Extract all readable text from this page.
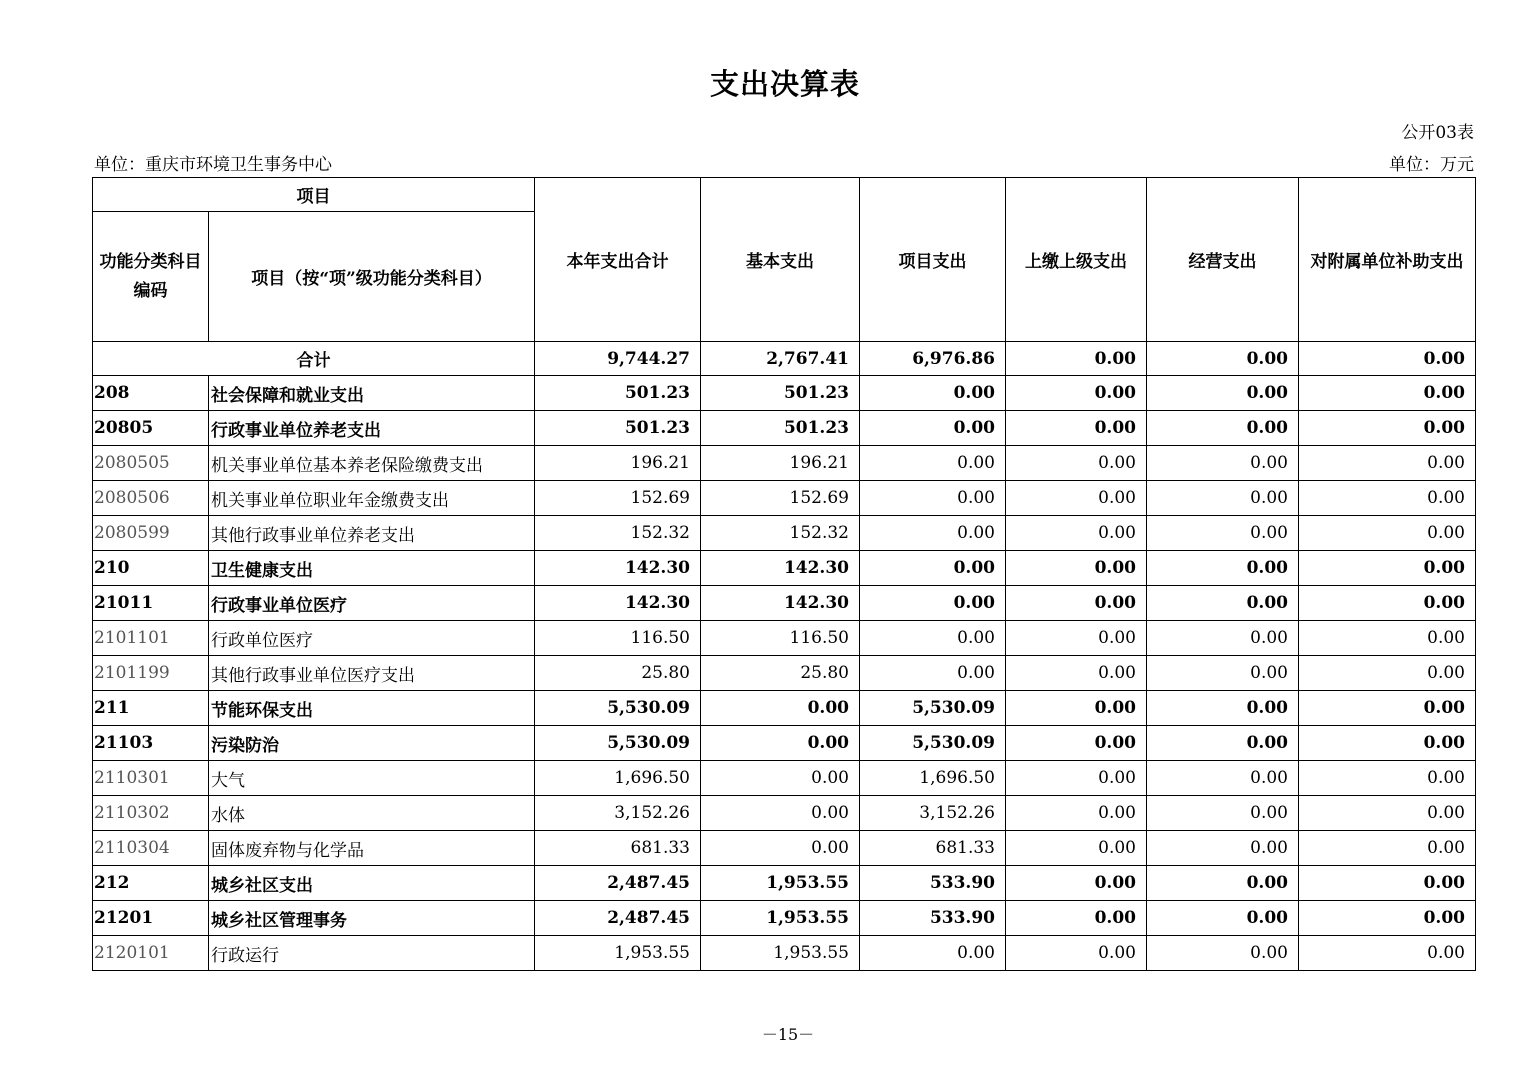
支出决算表
公开03表
单位：重庆市环境卫生事务中心	单位：万元
项目		本年支出合计	基本支出	项目支出	上缴上级支出	经营支出	对附属单位补助支出
功能分类科目编码	项目（按“项”级功能分类科目）						
合计		9,744.27	2,767.41	6,976.86	0.00	0.00	0.00
208	社会保障和就业支出	501.23	501.23	0.00	0.00	0.00	0.00
20805	行政事业单位养老支出	501.23	501.23	0.00	0.00	0.00	0.00
2080505	机关事业单位基本养老保险缴费支出	196.21	196.21	0.00	0.00	0.00	0.00
2080506	机关事业单位职业年金缴费支出	152.69	152.69	0.00	0.00	0.00	0.00
2080599	其他行政事业单位养老支出	152.32	152.32	0.00	0.00	0.00	0.00
210	卫生健康支出	142.30	142.30	0.00	0.00	0.00	0.00
21011	行政事业单位医疗	142.30	142.30	0.00	0.00	0.00	0.00
2101101	行政单位医疗	116.50	116.50	0.00	0.00	0.00	0.00
2101199	其他行政事业单位医疗支出	25.80	25.80	0.00	0.00	0.00	0.00
211	节能环保支出	5,530.09	0.00	5,530.09	0.00	0.00	0.00
21103	污染防治	5,530.09	0.00	5,530.09	0.00	0.00	0.00
2110301	大气	1,696.50	0.00	1,696.50	0.00	0.00	0.00
2110302	水体	3,152.26	0.00	3,152.26	0.00	0.00	0.00
2110304	固体废弃物与化学品	681.33	0.00	681.33	0.00	0.00	0.00
212	城乡社区支出	2,487.45	1,953.55	533.90	0.00	0.00	0.00
21201	城乡社区管理事务	2,487.45	1,953.55	533.90	0.00	0.00	0.00
2120101	行政运行	1,953.55	1,953.55	0.00	0.00	0.00	0.00
－15－
